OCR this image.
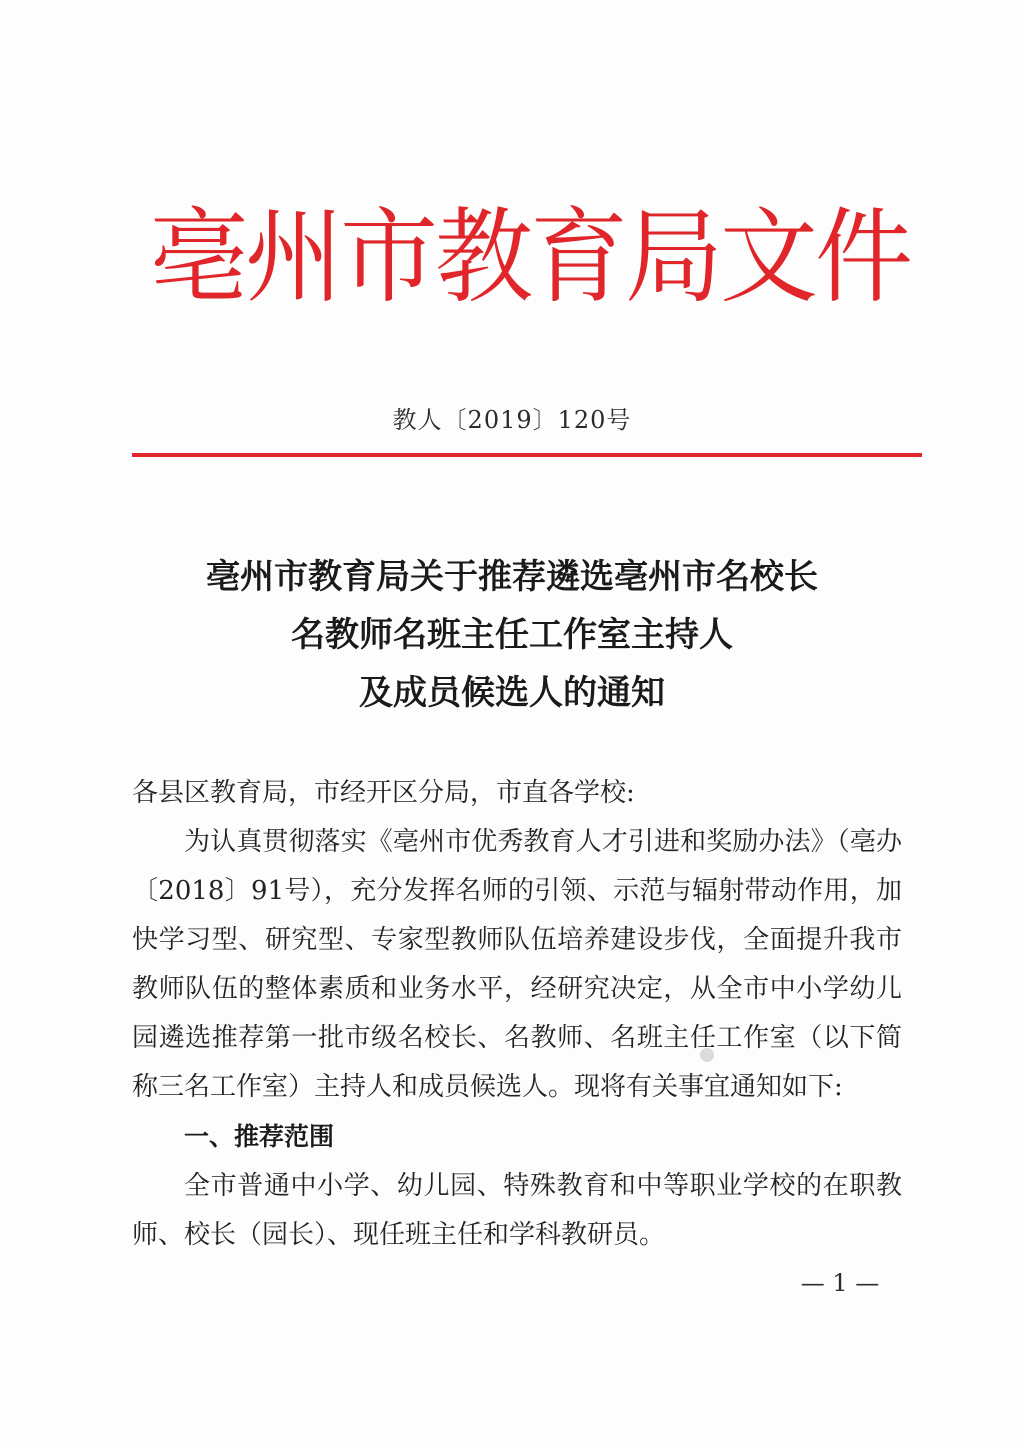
亳州市教育局文件
教人〔2019〕120号
亳州市教育局关于推荐遴选亳州市名校长
名教师名班主任工作室主持人
及成员候选人的通知
各县区教育局，市经开区分局，市直各学校:
为认真贯彻落实《亳州市优秀教育人才引进和奖励办法》（亳办〔2018〕91号），充分发挥名师的引领、示范与辐射带动作用，加快学习型、研究型、专家型教师队伍培养建设步伐，全面提升我市教师队伍的整体素质和业务水平，经研究决定，从全市中小学幼儿园遴选推荐第一批市级名校长、名教师、名班主任工作室（以下简称三名工作室）主持人和成员候选人。现将有关事宜通知如下:
一、推荐范围
全市普通中小学、幼儿园、特殊教育和中等职业学校的在职教师、校长（园长）、现任班主任和学科教研员。
— 1 —
